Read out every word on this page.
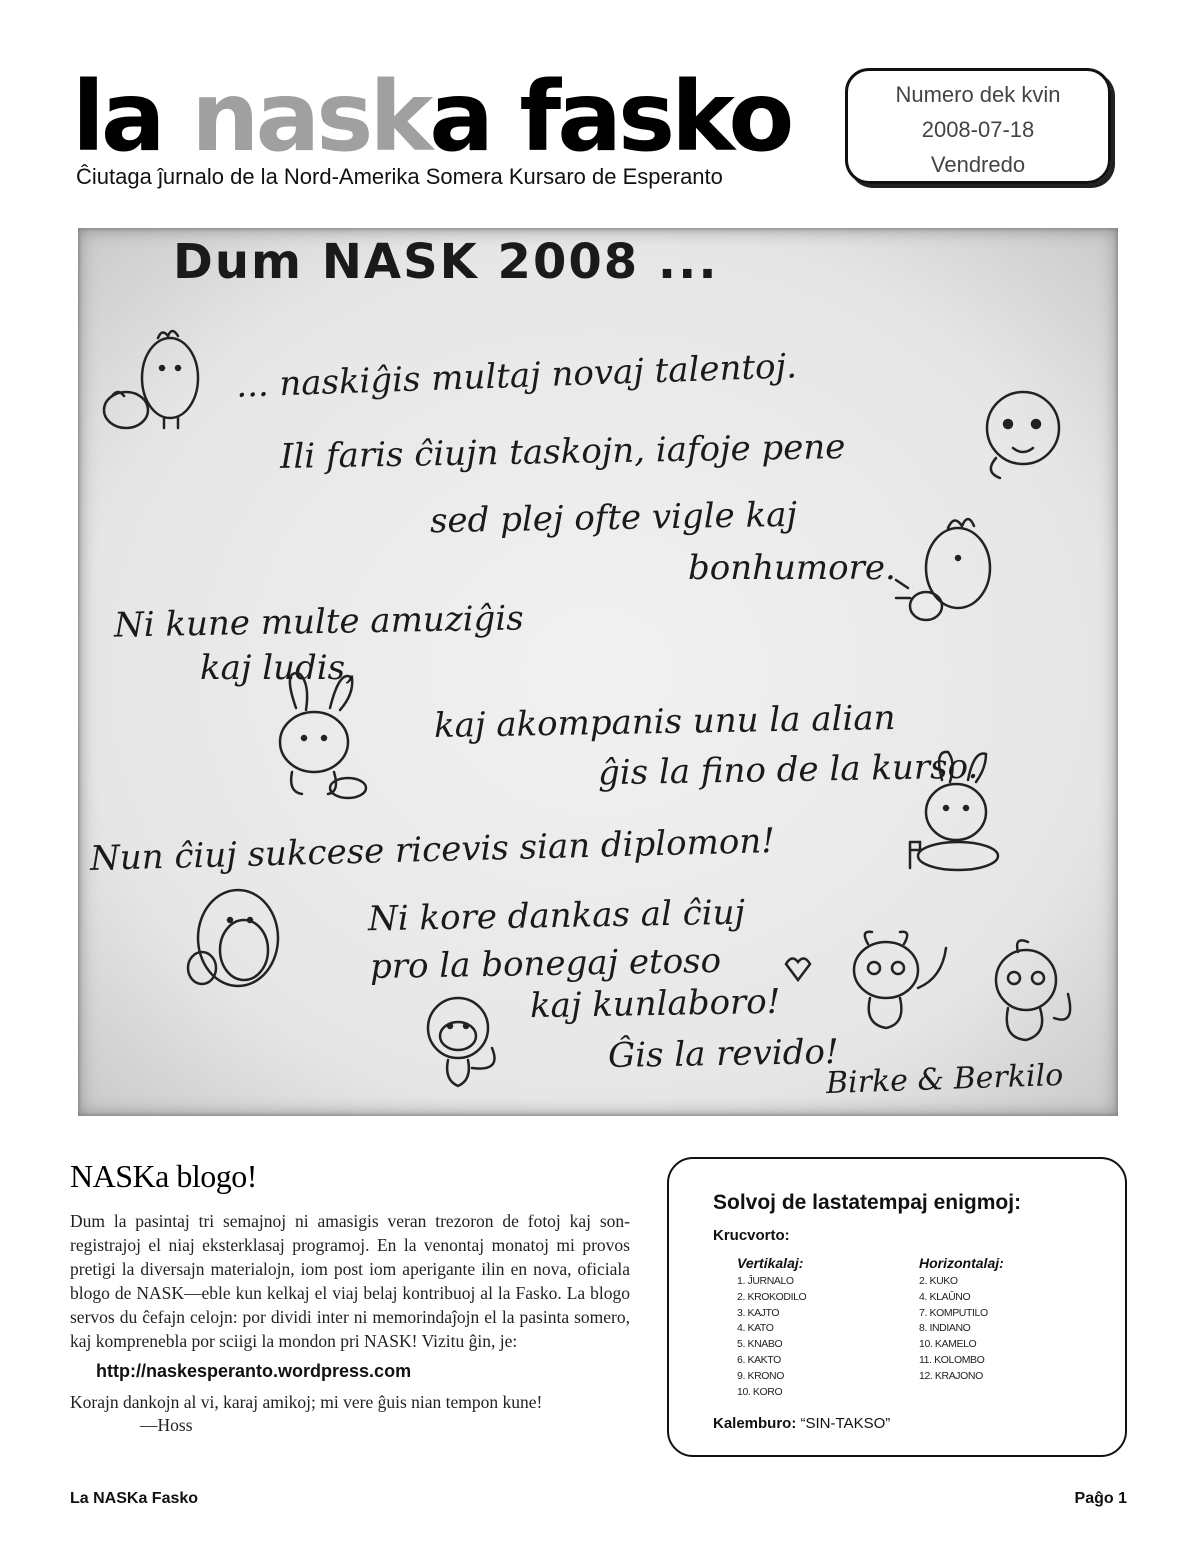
la naska fasko
Ĉiutaga ĵurnalo de la Nord-Amerika Somera Kursaro de Esperanto
Numero dek kvin
2008-07-18
Vendredo
Dum NASK 2008 ...
... naskiĝis multaj novaj talentoj.
Ili faris ĉiujn taskojn, iafoje pene
sed plej ofte vigle kaj
bonhumore.
Ni kune multe amuziĝis
kaj ludis,
kaj akompanis unu la alian
ĝis la fino de la kurso.
Nun ĉiuj sukcese ricevis sian diplomon!
Ni kore dankas al ĉiuj
pro la bonegaj etoso
kaj kunlaboro!
Ĝis la revido!
Birke & Berkilo
NASKa blogo!

Dum la pasintaj tri semajnoj ni amasigis veran trezoron de fotoj kaj son-registrajoj el niaj eksterklasaj programoj. En la venontaj monatoj mi provos pretigi la diversajn materialojn, iom post iom aperigante ilin en nova, oficiala blogo de NASK—eble kun kelkaj el viaj belaj kontribuoj al la Fasko. La blogo servos du ĉefajn celojn: por dividi inter ni memorindaĵojn el la pasinta somero, kaj komprenebla por sciigi la mondon pri NASK! Vizitu ĝin, je:

http://naskesperanto.wordpress.com

Korajn dankojn al vi, karaj amikoj; mi vere ĝuis nian tempon kune!

—Hoss

Solvoj de lastatempaj enigmoj:
Krucvorto:
Vertikalaj:
1. ĴURNALO
2. KROKODILO
3. KAJTO
4. KATO
5. KNABO
6. KAKTO
9. KRONO
10. KORO
Horizontalaj:
2. KUKO
4. KLAŬNO
7. KOMPUTILO
8. INDIANO
10. KAMELO
11. KOLOMBO
12. KRAJONO
Kalemburo: “SIN-TAKSO”
La NASKa Fasko	Paĝo 1
